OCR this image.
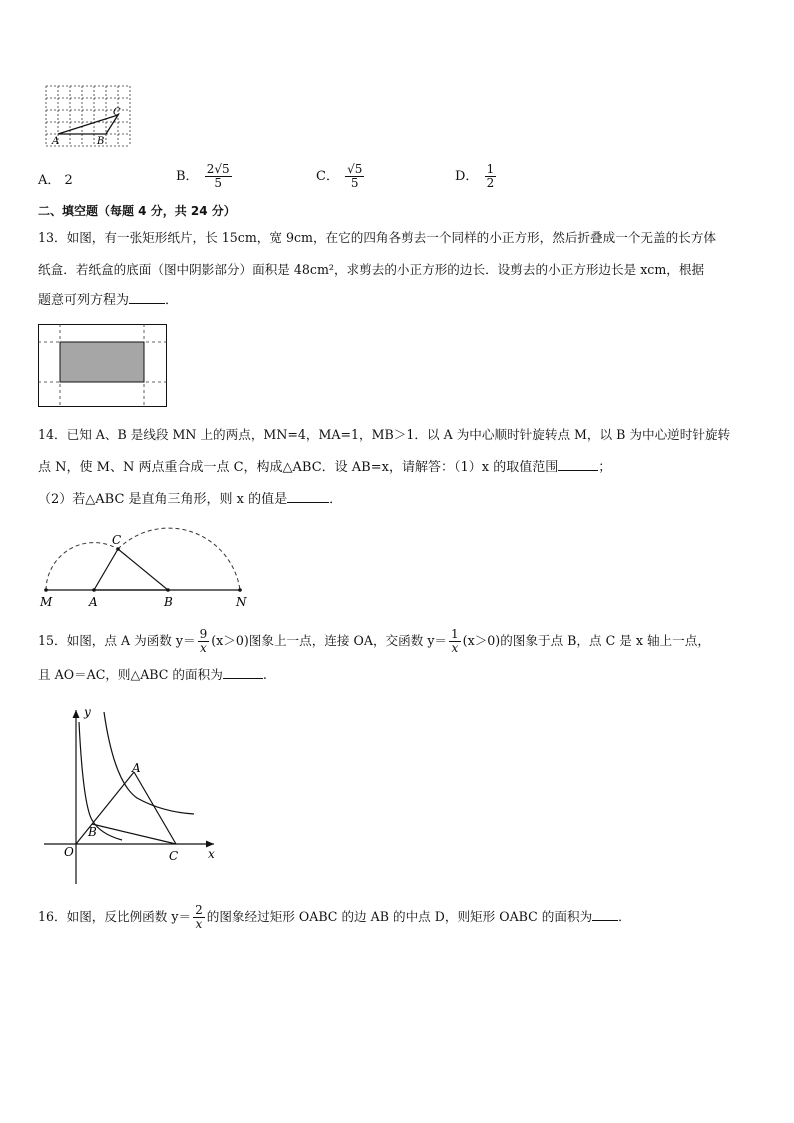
A	B
C
A． 2	B． $\frac{2√5}{5}$	C． $\frac{√5}{5}$	D． $\frac{1}{2}$
二、填空题（每题 4 分，共 24 分）
13．如图，有一张矩形纸片，长 15cm，宽 9cm，在它的四角各剪去一个同样的小正方形，然后折叠成一个无盖的长方体
纸盒．若纸盒的底面（图中阴影部分）面积是 48cm²，求剪去的小正方形的边长．设剪去的小正方形边长是 xcm，根据
题意可列方程为	．
14．已知 A、B 是线段 MN 上的两点，MN=4，MA=1，MB＞1．以 A 为中心顺时针旋转点 M，以 B 为中心逆时针旋转
点 N，使 M、N 两点重合成一点 C，构成△ABC．设 AB=x，请解答：（1）x 的取值范围	；
（2）若△ABC 是直角三角形，则 x 的值是	．
C
M	A	B	N
15．如图，点 A 为函数 $y= \frac{9}{x} (x>0)$图象上一点，连接 OA，交函数 $y= \frac{1}{x} (x>0)$的图象于点 B，点 C 是 x 轴上一点，
且 AO＝AC，则△ABC 的面积为	.
y
A
B
O	C x
16．如图，反比例函数 $y= \frac{2}{x}$ 的图象经过矩形 OABC 的边 AB 的中点 D，则矩形 OABC 的面积为 ．
